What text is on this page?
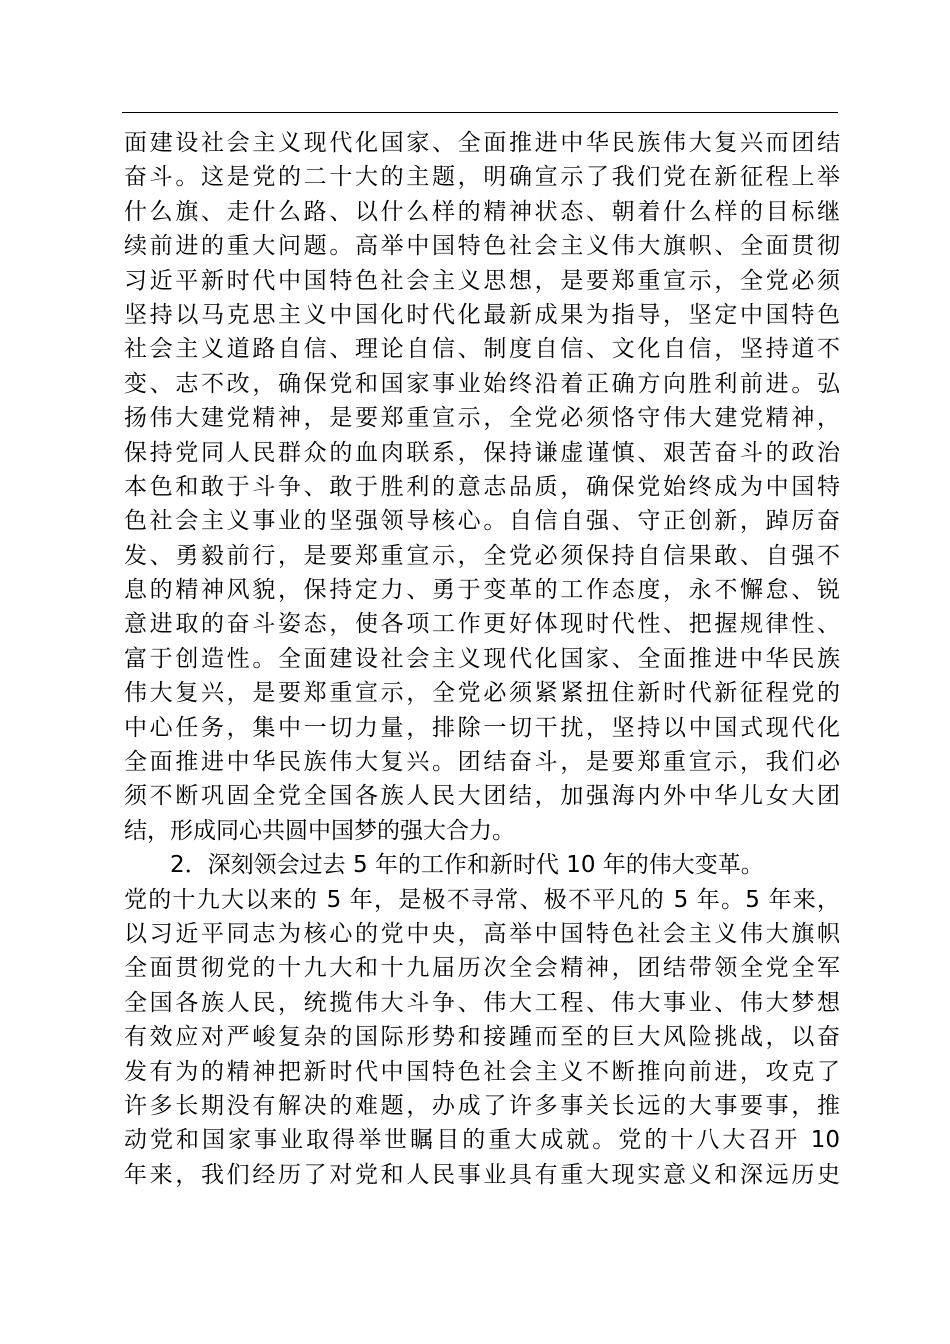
面建设社会主义现代化国家、全面推进中华民族伟大复兴而团结
奋斗。这是党的二十大的主题，明确宣示了我们党在新征程上举
什么旗、走什么路、以什么样的精神状态、朝着什么样的目标继
续前进的重大问题。高举中国特色社会主义伟大旗帜、全面贯彻
习近平新时代中国特色社会主义思想，是要郑重宣示，全党必须
坚持以马克思主义中国化时代化最新成果为指导，坚定中国特色
社会主义道路自信、理论自信、制度自信、文化自信，坚持道不
变、志不改，确保党和国家事业始终沿着正确方向胜利前进。弘
扬伟大建党精神，是要郑重宣示，全党必须恪守伟大建党精神，
保持党同人民群众的血肉联系，保持谦虚谨慎、艰苦奋斗的政治
本色和敢于斗争、敢于胜利的意志品质，确保党始终成为中国特
色社会主义事业的坚强领导核心。自信自强、守正创新，踔厉奋
发、勇毅前行，是要郑重宣示，全党必须保持自信果敢、自强不
息的精神风貌，保持定力、勇于变革的工作态度，永不懈怠、锐
意进取的奋斗姿态，使各项工作更好体现时代性、把握规律性、
富于创造性。全面建设社会主义现代化国家、全面推进中华民族
伟大复兴，是要郑重宣示，全党必须紧紧扭住新时代新征程党的
中心任务，集中一切力量，排除一切干扰，坚持以中国式现代化
全面推进中华民族伟大复兴。团结奋斗，是要郑重宣示，我们必
须不断巩固全党全国各族人民大团结，加强海内外中华儿女大团
结，形成同心共圆中国梦的强大合力。
2．深刻领会过去 5 年的工作和新时代 10 年的伟大变革。
党的十九大以来的 5 年，是极不寻常、极不平凡的 5 年。5 年来，
以习近平同志为核心的党中央，高举中国特色社会主义伟大旗帜
全面贯彻党的十九大和十九届历次全会精神，团结带领全党全军
全国各族人民，统揽伟大斗争、伟大工程、伟大事业、伟大梦想
有效应对严峻复杂的国际形势和接踵而至的巨大风险挑战，以奋
发有为的精神把新时代中国特色社会主义不断推向前进，攻克了
许多长期没有解决的难题，办成了许多事关长远的大事要事，推
动党和国家事业取得举世瞩目的重大成就。党的十八大召开 10
年来，我们经历了对党和人民事业具有重大现实意义和深远历史
